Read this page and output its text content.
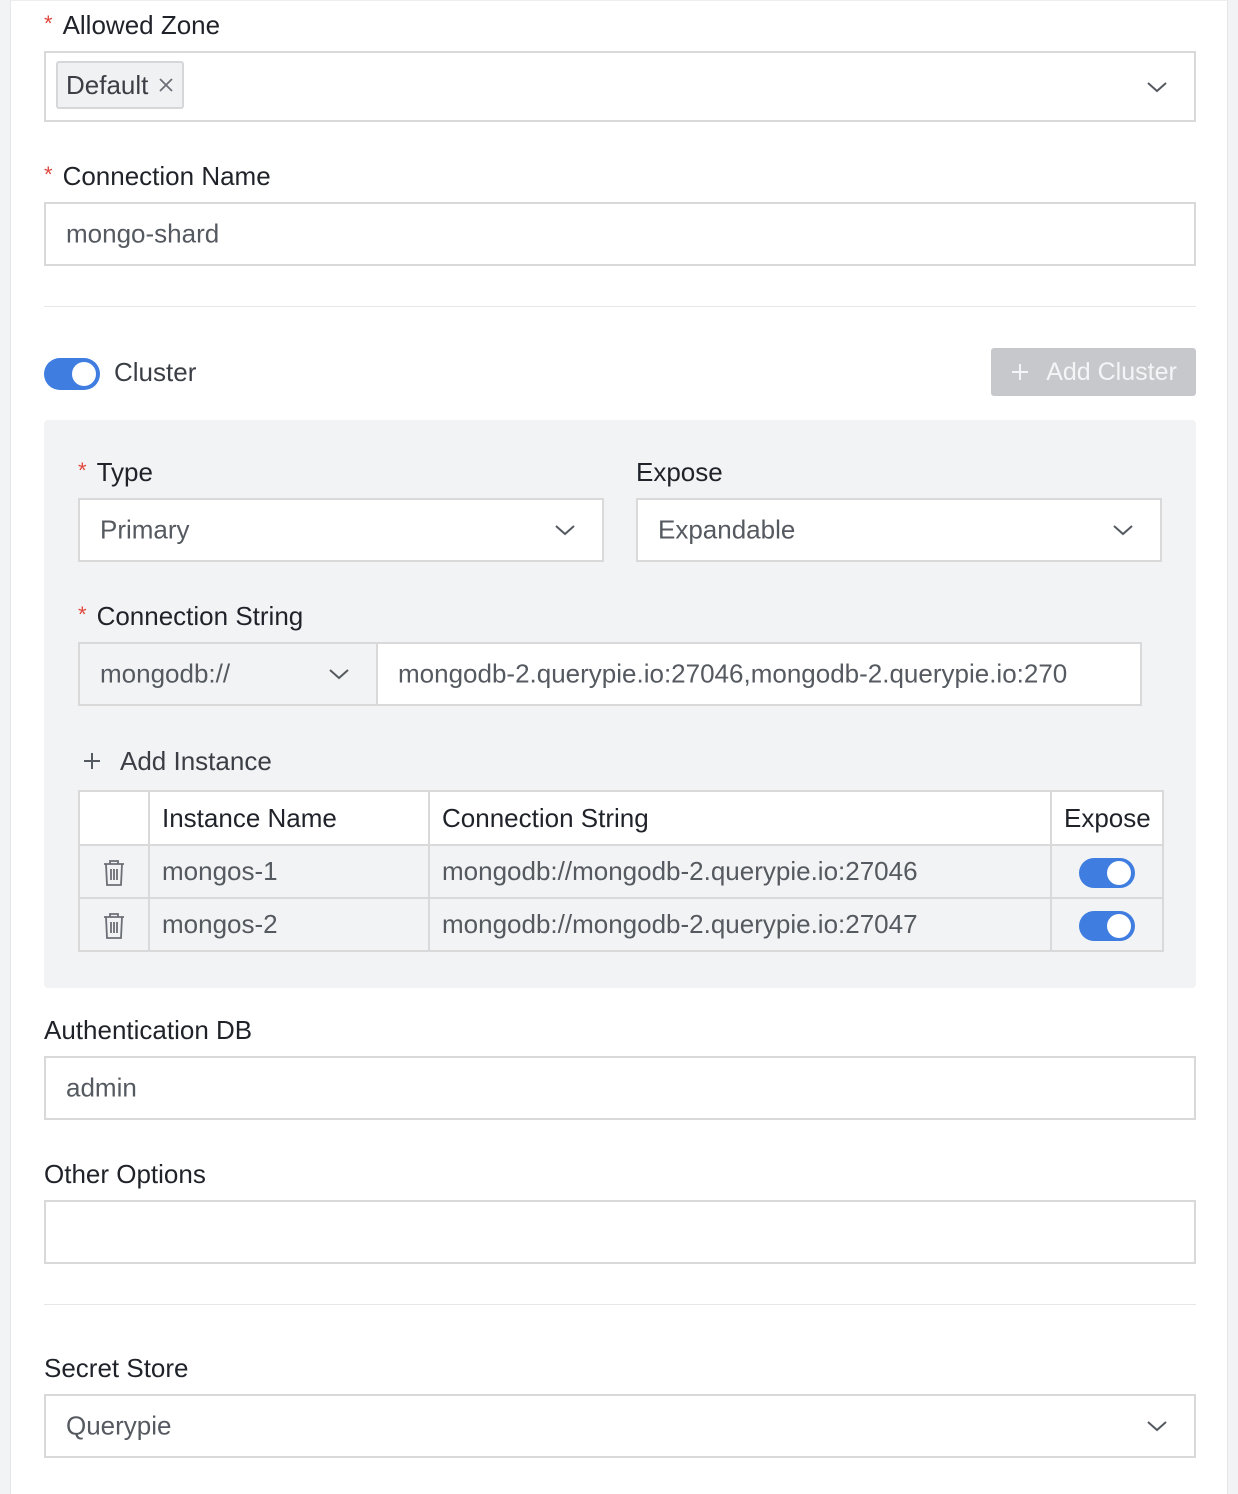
* Allowed Zone
Default
* Connection Name
mongo-shard
Cluster	Add Cluster
* Type
Primary
Expose
Expandable
* Connection String
mongodb://	mongodb-2.querypie.io:27046,mongodb-2.querypie.io:270
Add Instance
	Instance Name	Connection String	Expose
	mongos-1	mongodb://mongodb-2.querypie.io:27046	
	mongos-2	mongodb://mongodb-2.querypie.io:27047	
Authentication DB
admin
Other Options
Secret Store
Querypie
